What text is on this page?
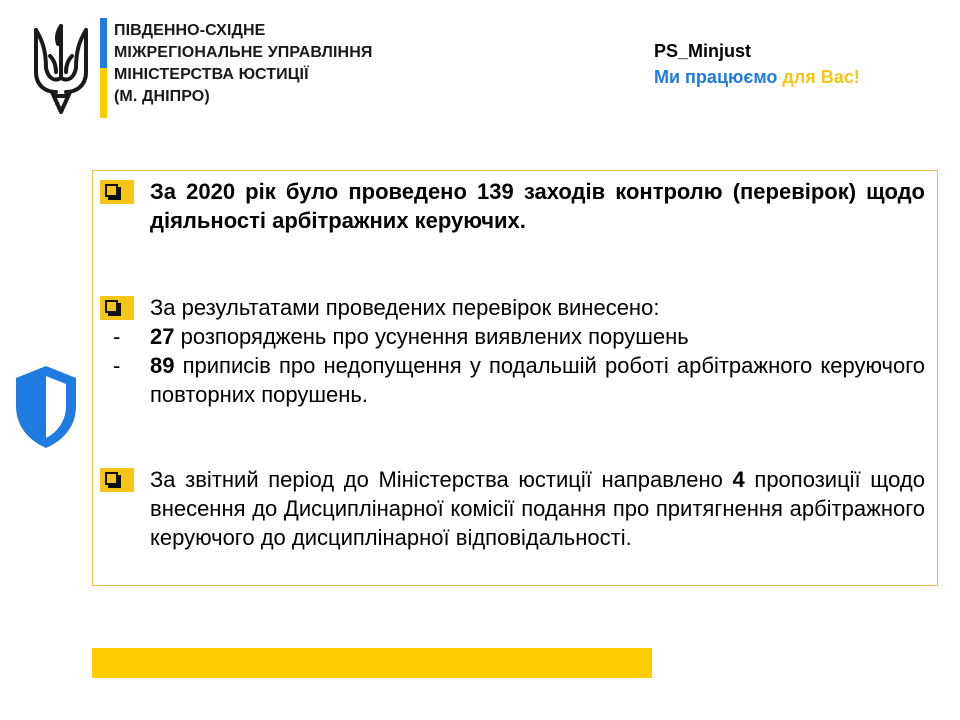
ПІВДЕННО-СХІДНЕ
МІЖРЕГІОНАЛЬНЕ УПРАВЛІННЯ
МІНІСТЕРСТВА ЮСТИЦІЇ
(М. ДНІПРО)
PS_Minjust
Ми працюємо для Вас!
За 2020 рік було проведено 139 заходів контролю (перевірок) щодо діяльності арбітражних керуючих.
За результатами проведених перевірок винесено:
- 27 розпоряджень про усунення виявлених порушень
- 89 приписів про недопущення у подальшій роботі арбітражного керуючого повторних порушень.
За звітний період до Міністерства юстиції направлено 4 пропозиції щодо внесення до Дисциплінарної комісії подання про притягнення арбітражного керуючого до дисциплінарної відповідальності.
